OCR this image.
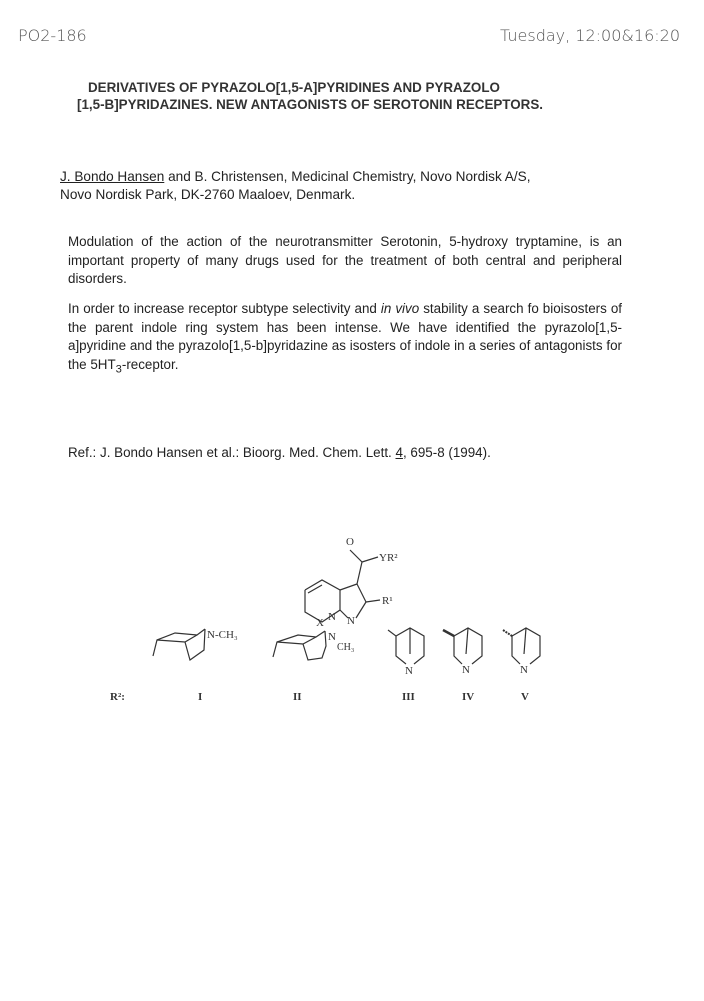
PO2-186	Tuesday, 12:00&16:20
DERIVATIVES OF PYRAZOLO[1,5-A]PYRIDINES AND PYRAZOLO
[1,5-B]PYRIDAZINES. NEW ANTAGONISTS OF SEROTONIN RECEPTORS.
J. Bondo Hansen and B. Christensen, Medicinal Chemistry, Novo Nordisk A/S,
Novo Nordisk Park, DK-2760 Maaloev, Denmark.
Modulation of the action of the neurotransmitter Serotonin, 5-hydroxy tryptamine, is an important property of many drugs used for the treatment of both central and peripheral disorders.
In order to increase receptor subtype selectivity and in vivo stability a search fo bioisosters of the parent indole ring system has been intense. We have identified the pyrazolo[1,5-a]pyridine and the pyrazolo[1,5-b]pyridazine as isosters of indole in a series of antagonists for the $5HT_3$-receptor.
Ref.: J. Bondo Hansen et al.: Bioorg. Med. Chem. Lett. 4, 695-8 (1994).
O
YR²
R¹
N N
X
N-CH₃	N
CH₃
N	N	N
R²:	I	II	III	IV	V
